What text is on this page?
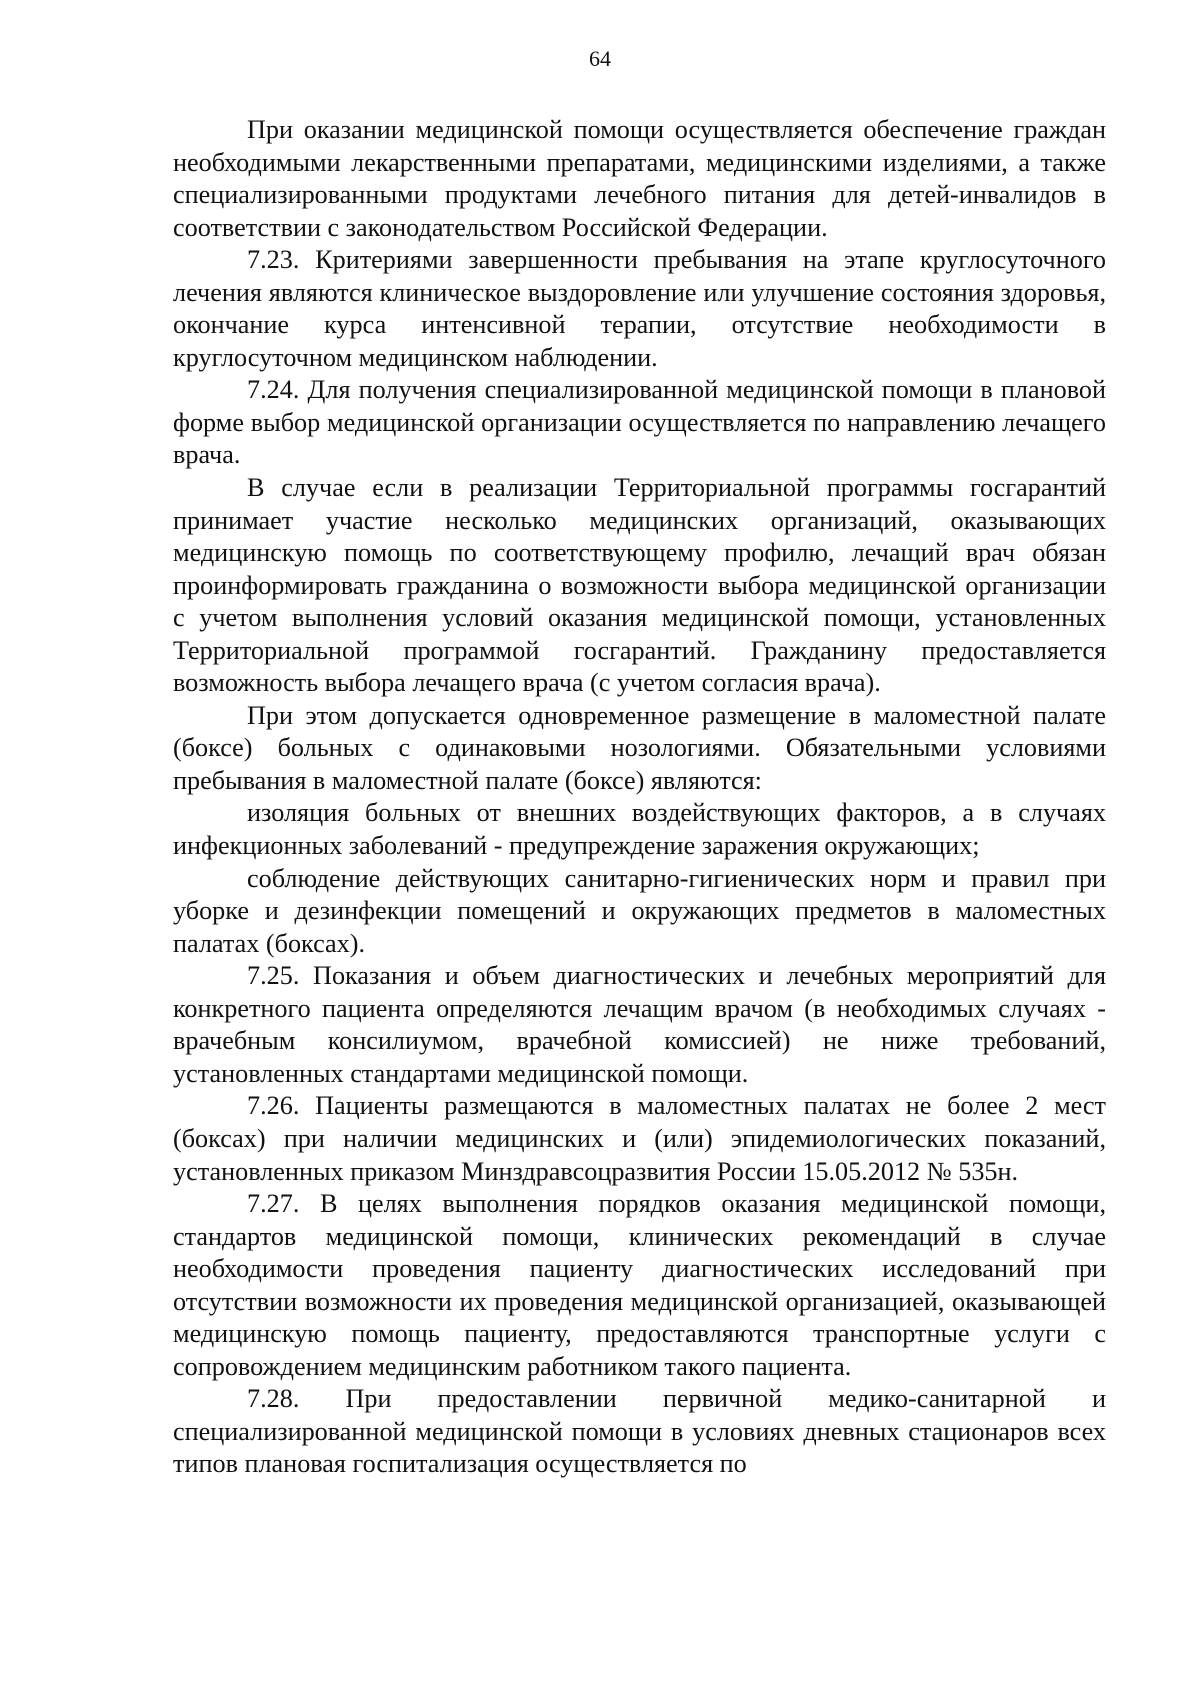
64

При оказании медицинской помощи осуществляется обеспечение граждан необходимыми лекарственными препаратами, медицинскими изделиями, а также специализированными продуктами лечебного питания для детей-инвалидов в соответствии с законодательством Российской Федерации.

7.23. Критериями завершенности пребывания на этапе круглосуточного лечения являются клиническое выздоровление или улучшение состояния здоровья, окончание курса интенсивной терапии, отсутствие необходимости в круглосуточном медицинском наблюдении.

7.24. Для получения специализированной медицинской помощи в плановой форме выбор медицинской организации осуществляется по направлению лечащего врача.

В случае если в реализации Территориальной программы госгарантий принимает участие несколько медицинских организаций, оказывающих медицинскую помощь по соответствующему профилю, лечащий врач обязан проинформировать гражданина о возможности выбора медицинской организации с учетом выполнения условий оказания медицинской помощи, установленных Территориальной программой госгарантий. Гражданину предоставляется возможность выбора лечащего врача (с учетом согласия врача).

При этом допускается одновременное размещение в маломестной палате (боксе) больных с одинаковыми нозологиями. Обязательными условиями пребывания в маломестной палате (боксе) являются:

изоляция больных от внешних воздействующих факторов, а в случаях инфекционных заболеваний - предупреждение заражения окружающих;

соблюдение действующих санитарно-гигиенических норм и правил при уборке и дезинфекции помещений и окружающих предметов в маломестных палатах (боксах).

7.25. Показания и объем диагностических и лечебных мероприятий для конкретного пациента определяются лечащим врачом (в необходимых случаях - врачебным консилиумом, врачебной комиссией) не ниже требований, установленных стандартами медицинской помощи.

7.26. Пациенты размещаются в маломестных палатах не более 2 мест (боксах) при наличии медицинских и (или) эпидемиологических показаний, установленных приказом Минздравсоцразвития России 15.05.2012 № 535н.

7.27. В целях выполнения порядков оказания медицинской помощи, стандартов медицинской помощи, клинических рекомендаций в случае необходимости проведения пациенту диагностических исследований при отсутствии возможности их проведения медицинской организацией, оказывающей медицинскую помощь пациенту, предоставляются транспортные услуги с сопровождением медицинским работником такого пациента.

7.28. При предоставлении первичной медико-санитарной и специализированной медицинской помощи в условиях дневных стационаров всех типов плановая госпитализация осуществляется по
